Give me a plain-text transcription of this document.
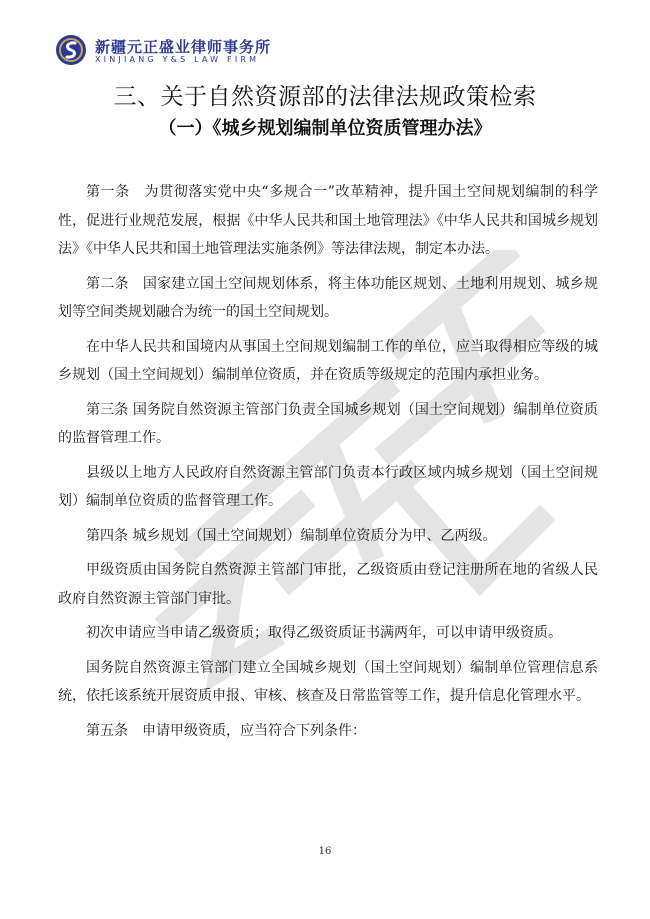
新疆元正盛业律师事务所
XINJIANG Y&S LAW FIRM
三、关于自然资源部的法律法规政策检索
（一）《城乡规划编制单位资质管理办法》

第一条　为贯彻落实党中央“多规合一”改革精神，提升国土空间规划编制的科学性，促进行业规范发展，根据《中华人民共和国土地管理法》《中华人民共和国城乡规划法》《中华人民共和国土地管理法实施条例》等法律法规，制定本办法。

第二条　国家建立国土空间规划体系，将主体功能区规划、土地利用规划、城乡规划等空间类规划融合为统一的国土空间规划。

在中华人民共和国境内从事国土空间规划编制工作的单位，应当取得相应等级的城乡规划（国土空间规划）编制单位资质，并在资质等级规定的范围内承担业务。

第三条 国务院自然资源主管部门负责全国城乡规划（国土空间规划）编制单位资质的监督管理工作。

县级以上地方人民政府自然资源主管部门负责本行政区域内城乡规划（国土空间规划）编制单位资质的监督管理工作。

第四条 城乡规划（国土空间规划）编制单位资质分为甲、乙两级。

甲级资质由国务院自然资源主管部门审批，乙级资质由登记注册所在地的省级人民政府自然资源主管部门审批。

初次申请应当申请乙级资质；取得乙级资质证书满两年，可以申请甲级资质。

国务院自然资源主管部门建立全国城乡规划（国土空间规划）编制单位管理信息系统，依托该系统开展资质申报、审核、核查及日常监管等工作，提升信息化管理水平。

第五条　申请甲级资质，应当符合下列条件：

16
